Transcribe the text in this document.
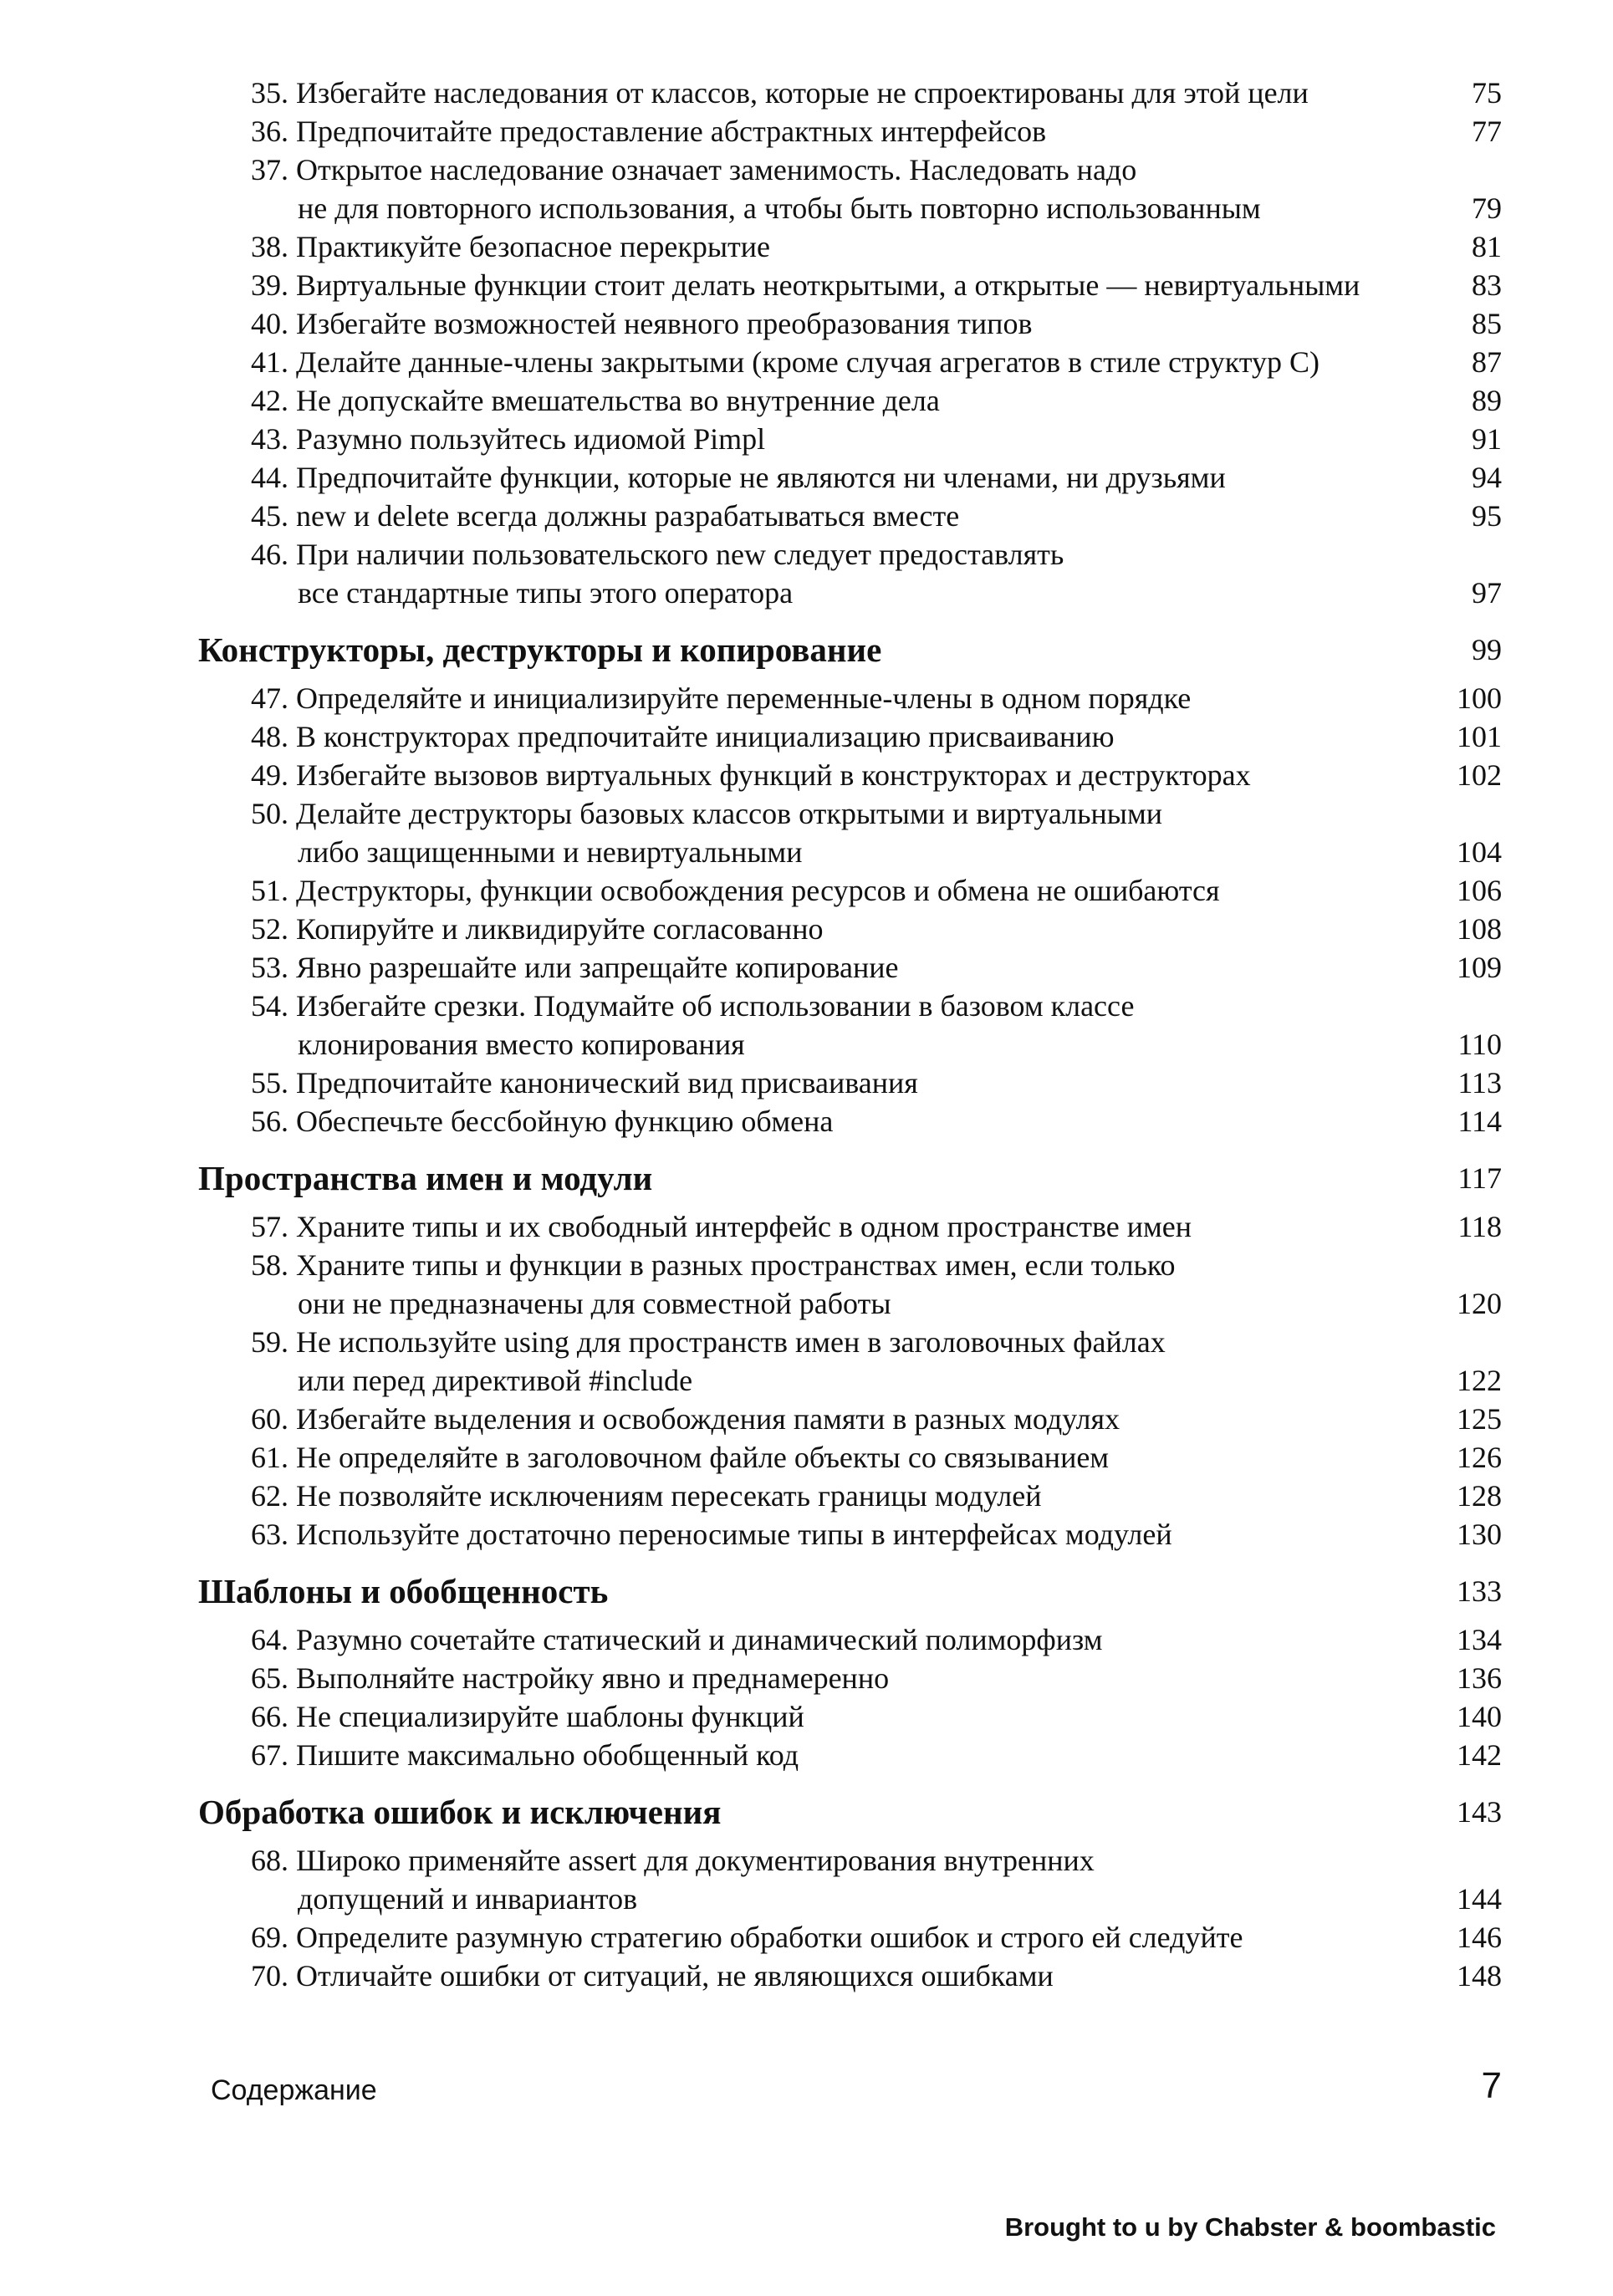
35. Избегайте наследования от классов, которые не спроектированы для этой цели	75
36. Предпочитайте предоставление абстрактных интерфейсов	77
37. Открытое наследование означает заменимость. Наследовать надо
не для повторного использования, а чтобы быть повторно использованным	79
38. Практикуйте безопасное перекрытие	81
39. Виртуальные функции стоит делать неоткрытыми, а открытые — невиртуальными	83
40. Избегайте возможностей неявного преобразования типов	85
41. Делайте данные-члены закрытыми (кроме случая агрегатов в стиле структур С)	87
42. Не допускайте вмешательства во внутренние дела	89
43. Разумно пользуйтесь идиомой Pimpl	91
44. Предпочитайте функции, которые не являются ни членами, ни друзьями	94
45. new и delete всегда должны разрабатываться вместе	95
46. При наличии пользовательского new следует предоставлять
все стандартные типы этого оператора	97
Конструкторы, деструкторы и копирование	99
47. Определяйте и инициализируйте переменные-члены в одном порядке	100
48. В конструкторах предпочитайте инициализацию присваиванию	101
49. Избегайте вызовов виртуальных функций в конструкторах и деструкторах	102
50. Делайте деструкторы базовых классов открытыми и виртуальными
либо защищенными и невиртуальными	104
51. Деструкторы, функции освобождения ресурсов и обмена не ошибаются	106
52. Копируйте и ликвидируйте согласованно	108
53. Явно разрешайте или запрещайте копирование	109
54. Избегайте срезки. Подумайте об использовании в базовом классе
клонирования вместо копирования	110
55. Предпочитайте канонический вид присваивания	113
56. Обеспечьте бессбойную функцию обмена	114
Пространства имен и модули	117
57. Храните типы и их свободный интерфейс в одном пространстве имен	118
58. Храните типы и функции в разных пространствах имен, если только
они не предназначены для совместной работы	120
59. Не используйте using для пространств имен в заголовочных файлах
или перед директивой #include	122
60. Избегайте выделения и освобождения памяти в разных модулях	125
61. Не определяйте в заголовочном файле объекты со связыванием	126
62. Не позволяйте исключениям пересекать границы модулей	128
63. Используйте достаточно переносимые типы в интерфейсах модулей	130
Шаблоны и обобщенность	133
64. Разумно сочетайте статический и динамический полиморфизм	134
65. Выполняйте настройку явно и преднамеренно	136
66. Не специализируйте шаблоны функций	140
67. Пишите максимально обобщенный код	142
Обработка ошибок и исключения	143
68. Широко применяйте assert для документирования внутренних
допущений и инвариантов	144
69. Определите разумную стратегию обработки ошибок и строго ей следуйте	146
70. Отличайте ошибки от ситуаций, не являющихся ошибками	148
Содержание	7
Brought to u by Chabster & boombastic
